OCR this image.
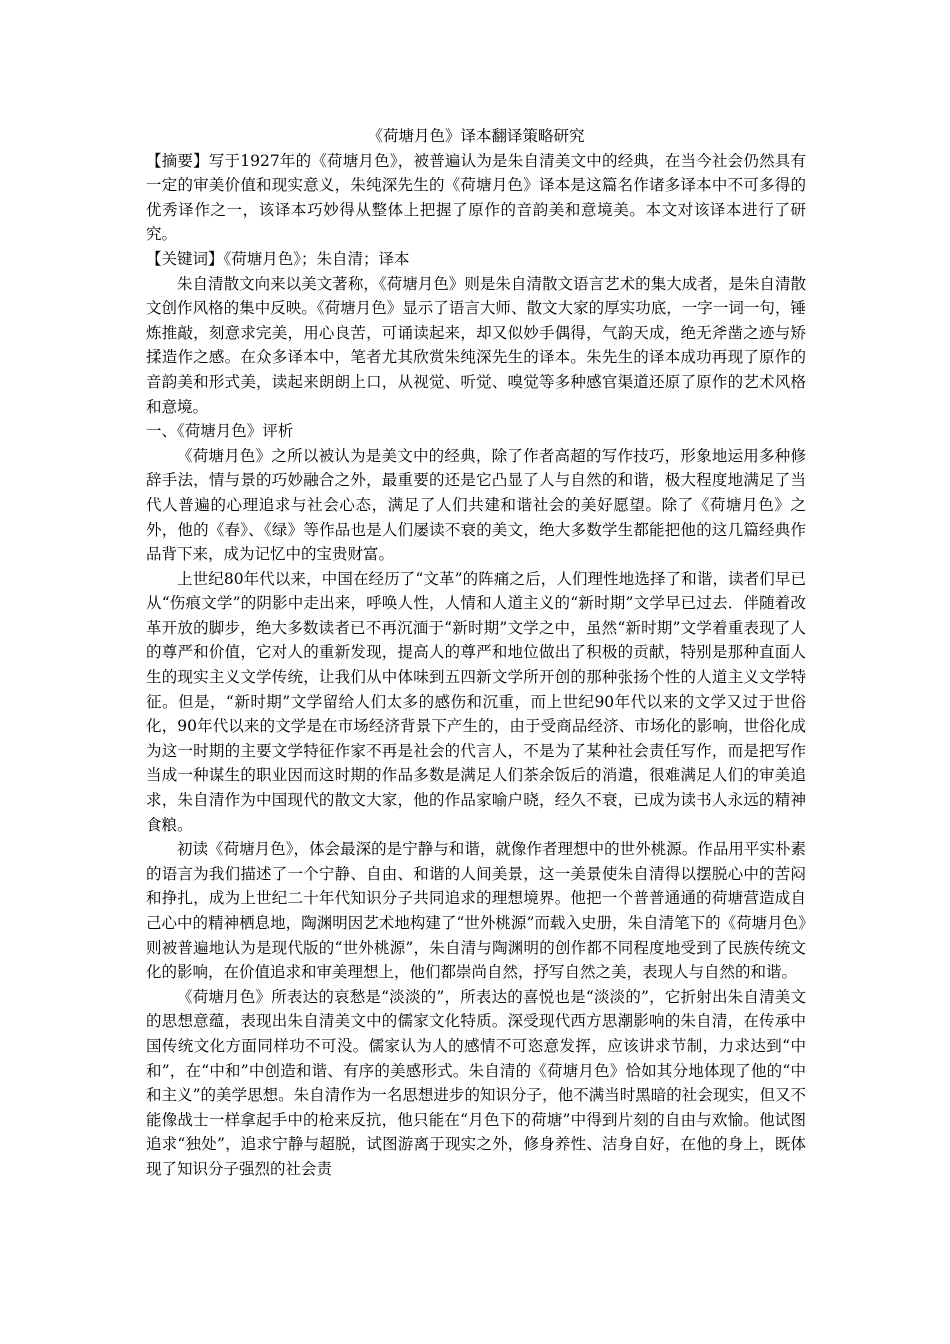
《荷塘月色》译本翻译策略研究

【摘要】写于1927年的《荷塘月色》，被普遍认为是朱自清美文中的经典，在当今社会仍然具有一定的审美价值和现实意义，朱纯深先生的《荷塘月色》译本是这篇名作诸多译本中不可多得的优秀译作之一，该译本巧妙得从整体上把握了原作的音韵美和意境美。本文对该译本进行了研究。

【关键词】《荷塘月色》；朱自清；译本

朱自清散文向来以美文著称，《荷塘月色》则是朱自清散文语言艺术的集大成者，是朱自清散文创作风格的集中反映。《荷塘月色》显示了语言大师、散文大家的厚实功底，一字一词一句，锤炼推敲，刻意求完美，用心良苦，可诵读起来，却又似妙手偶得，气韵天成，绝无斧凿之迹与矫揉造作之感。在众多译本中，笔者尤其欣赏朱纯深先生的译本。朱先生的译本成功再现了原作的音韵美和形式美，读起来朗朗上口，从视觉、听觉、嗅觉等多种感官渠道还原了原作的艺术风格和意境。

一、《荷塘月色》评析

《荷塘月色》之所以被认为是美文中的经典，除了作者高超的写作技巧，形象地运用多种修辞手法，情与景的巧妙融合之外，最重要的还是它凸显了人与自然的和谐，极大程度地满足了当代人普遍的心理追求与社会心态，满足了人们共建和谐社会的美好愿望。除了《荷塘月色》之外，他的《春》、《绿》等作品也是人们屡读不衰的美文，绝大多数学生都能把他的这几篇经典作品背下来，成为记忆中的宝贵财富。

上世纪80年代以来，中国在经历了“文革”的阵痛之后，人们理性地选择了和谐，读者们早已从“伤痕文学”的阴影中走出来，呼唤人性，人情和人道主义的“新时期”文学早已过去．伴随着改革开放的脚步，绝大多数读者已不再沉湎于“新时期”文学之中，虽然“新时期”文学着重表现了人的尊严和价值，它对人的重新发现，提高人的尊严和地位做出了积极的贡献，特别是那种直面人生的现实主义文学传统，让我们从中体味到五四新文学所开创的那种张扬个性的人道主义文学特征。但是，“新时期”文学留给人们太多的感伤和沉重，而上世纪90年代以来的文学又过于世俗化，90年代以来的文学是在市场经济背景下产生的，由于受商品经济、市场化的影响，世俗化成为这一时期的主要文学特征作家不再是社会的代言人，不是为了某种社会责任写作，而是把写作当成一种谋生的职业因而这时期的作品多数是满足人们茶余饭后的消遣，很难满足人们的审美追求，朱自清作为中国现代的散文大家，他的作品家喻户晓，经久不衰，已成为读书人永远的精神食粮。

初读《荷塘月色》，体会最深的是宁静与和谐，就像作者理想中的世外桃源。作品用平实朴素的语言为我们描述了一个宁静、自由、和谐的人间美景，这一美景使朱自清得以摆脱心中的苦闷和挣扎，成为上世纪二十年代知识分子共同追求的理想境界。他把一个普普通通的荷塘营造成自己心中的精神栖息地，陶渊明因艺术地构建了“世外桃源”而载入史册，朱自清笔下的《荷塘月色》则被普遍地认为是现代版的“世外桃源”，朱自清与陶渊明的创作都不同程度地受到了民族传统文化的影响，在价值追求和审美理想上，他们都崇尚自然，抒写自然之美，表现人与自然的和谐。

《荷塘月色》所表达的哀愁是“淡淡的”，所表达的喜悦也是“淡淡的”，它折射出朱自清美文的思想意蕴，表现出朱自清美文中的儒家文化特质。深受现代西方思潮影响的朱自清，在传承中国传统文化方面同样功不可没。儒家认为人的感情不可恣意发挥，应该讲求节制，力求达到“中和”，在“中和”中创造和谐、有序的美感形式。朱自清的《荷塘月色》恰如其分地体现了他的“中和主义”的美学思想。朱自清作为一名思想进步的知识分子，他不满当时黑暗的社会现实，但又不能像战士一样拿起手中的枪来反抗，他只能在“月色下的荷塘”中得到片刻的自由与欢愉。他试图追求“独处”，追求宁静与超脱，试图游离于现实之外，修身养性、洁身自好，在他的身上，既体现了知识分子强烈的社会责
